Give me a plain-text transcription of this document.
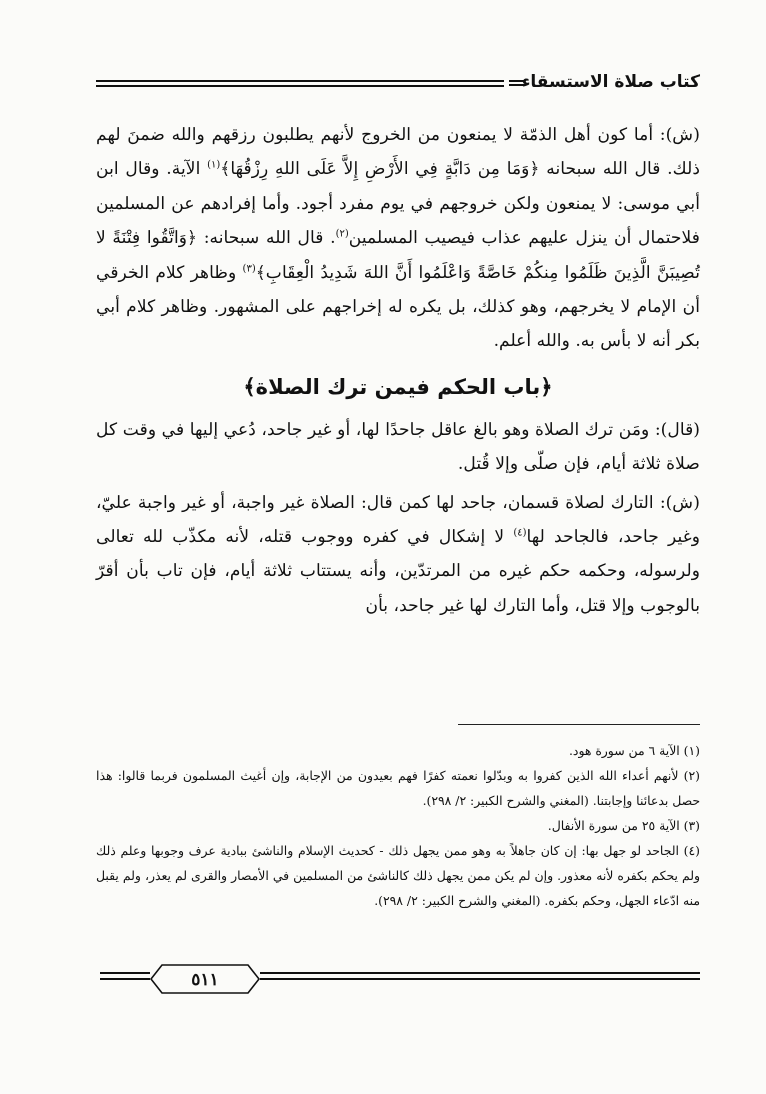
كتاب صلاة الاستسقاء

(ش): أما كون أهل الذمّة لا يمنعون من الخروج لأنهم يطلبون رزقهم والله ضمنَ لهم ذلك. قال الله سبحانه ﴿وَمَا مِن دَابَّةٍ فِي الأَرْضِ إِلاَّ عَلَى اللهِ رِزْقُهَا﴾$^{(١)}$ الآية. وقال ابن أبي موسى: لا يمنعون ولكن خروجهم في يوم مفرد أجود. وأما إفرادهم عن المسلمين فلاحتمال أن ينزل عليهم عذاب فيصيب المسلمين$^{(٢)}$. قال الله سبحانه: ﴿وَاتَّقُوا فِتْنَةً لا تُصِيبَنَّ الَّذِينَ ظَلَمُوا مِنكُمْ خَاصَّةً وَاعْلَمُوا أَنَّ اللهَ شَدِيدُ الْعِقَابِ﴾$^{(٣)}$ وظاهر كلام الخرقي أن الإمام لا يخرجهم، وهو كذلك، بل يكره له إخراجهم على المشهور. وظاهر كلام أبي بكر أنه لا بأس به. والله أعلم.

﴿باب الحكم فيمن ترك الصلاة﴾

(قال): ومَن ترك الصلاة وهو بالغ عاقل جاحدًا لها، أو غير جاحد، دُعي إليها في وقت كل صلاة ثلاثة أيام، فإن صلّى وإلا قُتل.

(ش): التارك لصلاة قسمان، جاحد لها كمن قال: الصلاة غير واجبة، أو غير واجبة عليّ، وغير جاحد، فالجاحد لها$^{(٤)}$ لا إشكال في كفره ووجوب قتله، لأنه مكذّب لله تعالى ولرسوله، وحكمه حكم غيره من المرتدّين، وأنه يستتاب ثلاثة أيام، فإن تاب بأن أقرّ بالوجوب وإلا قتل، وأما التارك لها غير جاحد، بأن

(١) الآية ٦ من سورة هود.

(٢) لأنهم أعداء الله الذين كفروا به وبدّلوا نعمته كفرًا فهم بعيدون من الإجابة، وإن أغيث المسلمون فربما قالوا: هذا حصل بدعائنا وإجابتنا. (المغني والشرح الكبير: ٢/ ٢٩٨).

(٣) الآية ٢٥ من سورة الأنفال.

(٤) الجاحد لو جهل بها: إن كان جاهلاً به وهو ممن يجهل ذلك - كحديث الإسلام والناشئ ببادية عرف وجوبها وعلم ذلك ولم يحكم بكفره لأنه معذور. وإن لم يكن ممن يجهل ذلك كالناشئ من المسلمين في الأمصار والقرى لم يعذر، ولم يقبل منه ادّعاء الجهل، وحكم بكفره. (المغني والشرح الكبير: ٢/ ٢٩٨).

٥١١
